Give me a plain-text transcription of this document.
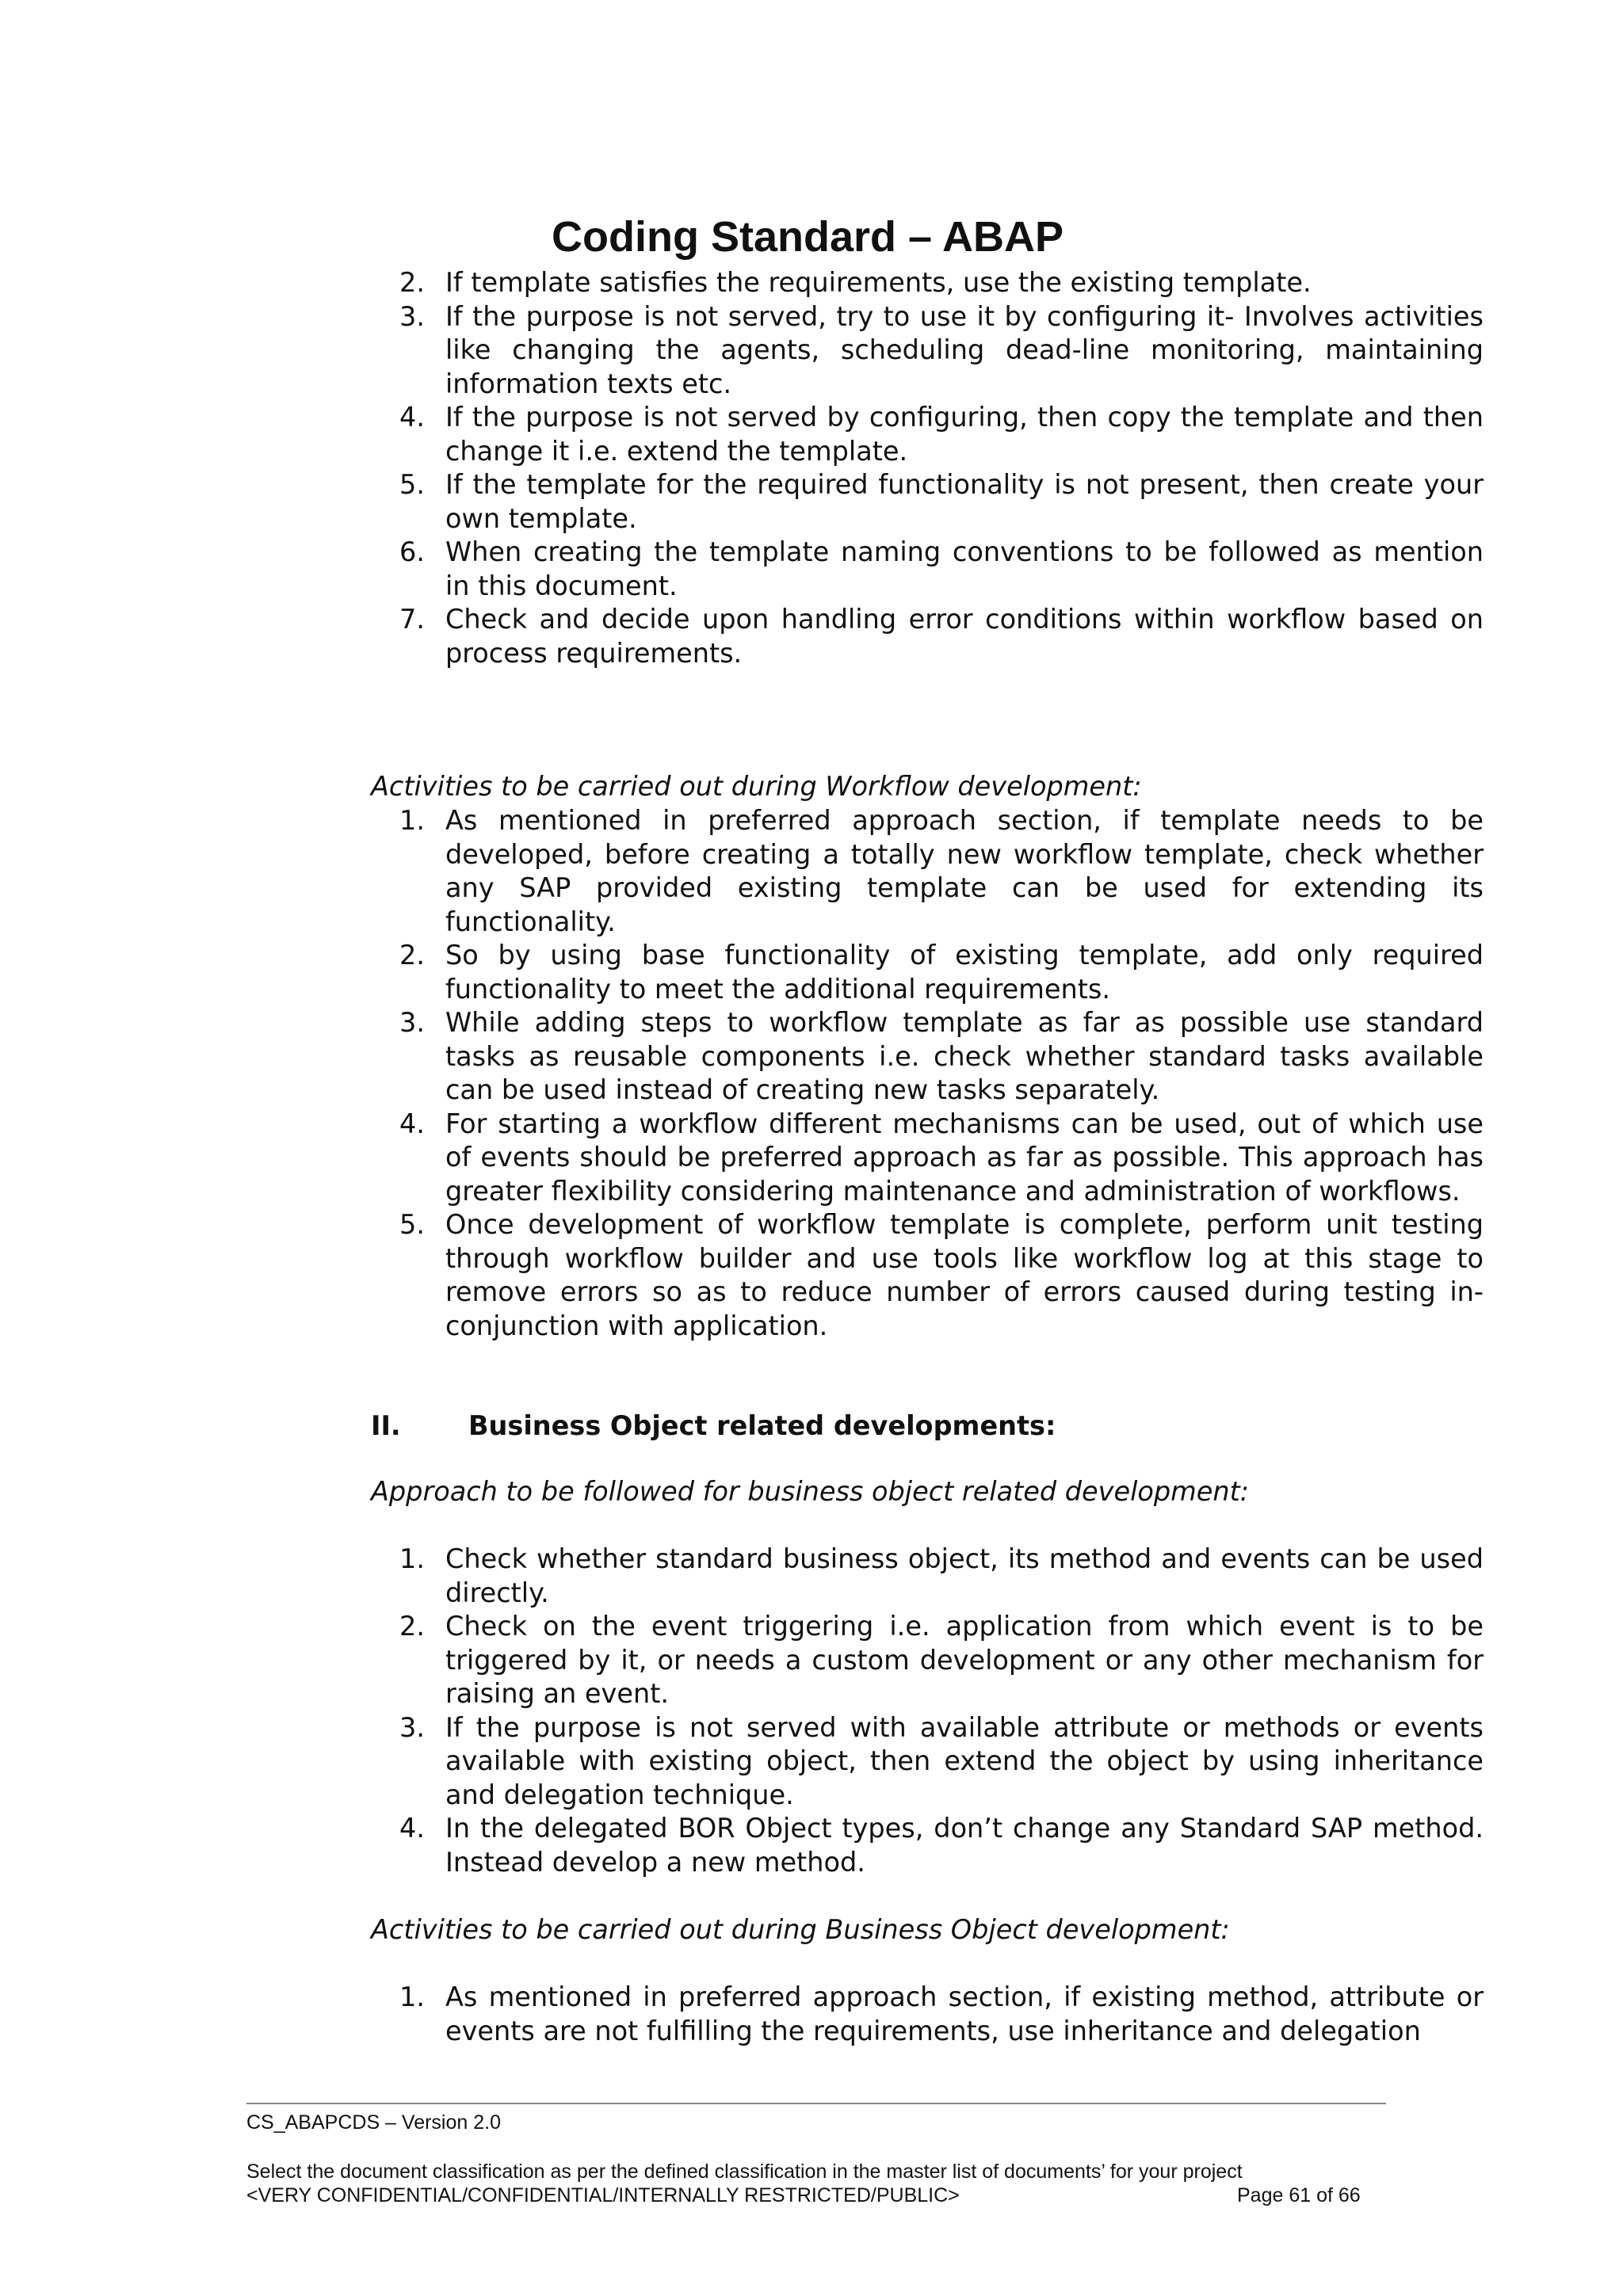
Coding Standard – ABAP
2. If template satisfies the requirements, use the existing template.
3. If the purpose is not served, try to use it by configuring it- Involves activities like changing the agents, scheduling dead-line monitoring, maintaining information texts etc.
4. If the purpose is not served by configuring, then copy the template and then change it i.e. extend the template.
5. If the template for the required functionality is not present, then create your own template.
6. When creating the template naming conventions to be followed as mention in this document.
7. Check and decide upon handling error conditions within workflow based on process requirements.
Activities to be carried out during Workflow development:
1. As mentioned in preferred approach section, if template needs to be developed, before creating a totally new workflow template, check whether any SAP provided existing template can be used for extending its functionality.
2. So by using base functionality of existing template, add only required functionality to meet the additional requirements.
3. While adding steps to workflow template as far as possible use standard tasks as reusable components i.e. check whether standard tasks available can be used instead of creating new tasks separately.
4. For starting a workflow different mechanisms can be used, out of which use of events should be preferred approach as far as possible. This approach has greater flexibility considering maintenance and administration of workflows.
5. Once development of workflow template is complete, perform unit testing through workflow builder and use tools like workflow log at this stage to remove errors so as to reduce number of errors caused during testing in-conjunction with application.
II.	Business Object related developments:
Approach to be followed for business object related development:
1. Check whether standard business object, its method and events can be used directly.
2. Check on the event triggering i.e. application from which event is to be triggered by it, or needs a custom development or any other mechanism for raising an event.
3. If the purpose is not served with available attribute or methods or events available with existing object, then extend the object by using inheritance and delegation technique.
4. In the delegated BOR Object types, don’t change any Standard SAP method. Instead develop a new method.
Activities to be carried out during Business Object development:
1. As mentioned in preferred approach section, if existing method, attribute or events are not fulfilling the requirements, use inheritance and delegation
CS_ABAPCDS – Version 2.0
Select the document classification as per the defined classification in the master list of documents’ for your project
<VERY CONFIDENTIAL/CONFIDENTIAL/INTERNALLY RESTRICTED/PUBLIC>	Page 61 of 66
